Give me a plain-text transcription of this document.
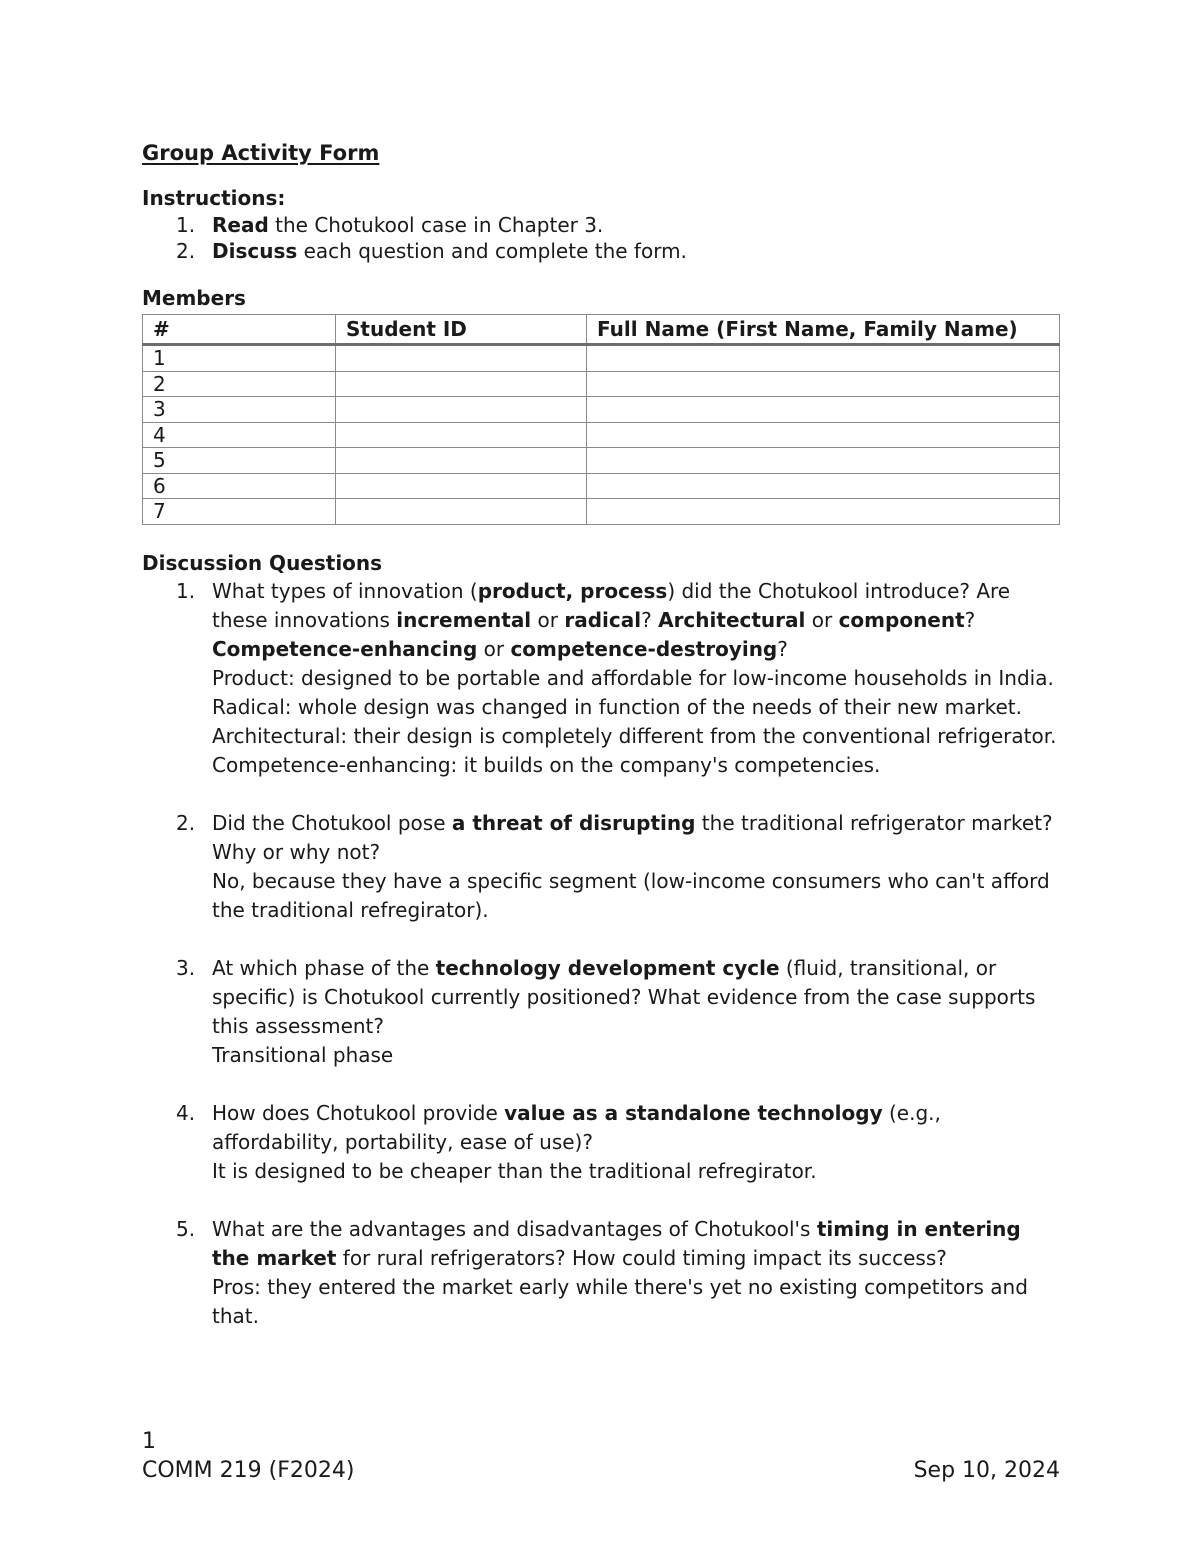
Group Activity Form

Instructions:

1. Read the Chotukool case in Chapter 3.
2. Discuss each question and complete the form.

Members

#	Student ID	Full Name (First Name, Family Name)
1		
2		
3		
4		
5		
6		
7		

Discussion Questions

1. What types of innovation (product, process) did the Chotukool introduce? Are these innovations incremental or radical? Architectural or component? Competence-enhancing or competence-destroying?
Product: designed to be portable and affordable for low-income households in India. Radical: whole design was changed in function of the needs of their new market. Architectural: their design is completely different from the conventional refrigerator. Competence-enhancing: it builds on the company's competencies.
2. Did the Chotukool pose a threat of disrupting the traditional refrigerator market? Why or why not?
No, because they have a specific segment (low-income consumers who can't afford the traditional refregirator).
3. At which phase of the technology development cycle (fluid, transitional, or specific) is Chotukool currently positioned? What evidence from the case supports this assessment?
Transitional phase
4. How does Chotukool provide value as a standalone technology (e.g., affordability, portability, ease of use)?
It is designed to be cheaper than the traditional refregirator.
5. What are the advantages and disadvantages of Chotukool's timing in entering the market for rural refrigerators? How could timing impact its success?
Pros: they entered the market early while there's yet no existing competitors and that.
1
COMM 219 (F2024)	Sep 10, 2024
